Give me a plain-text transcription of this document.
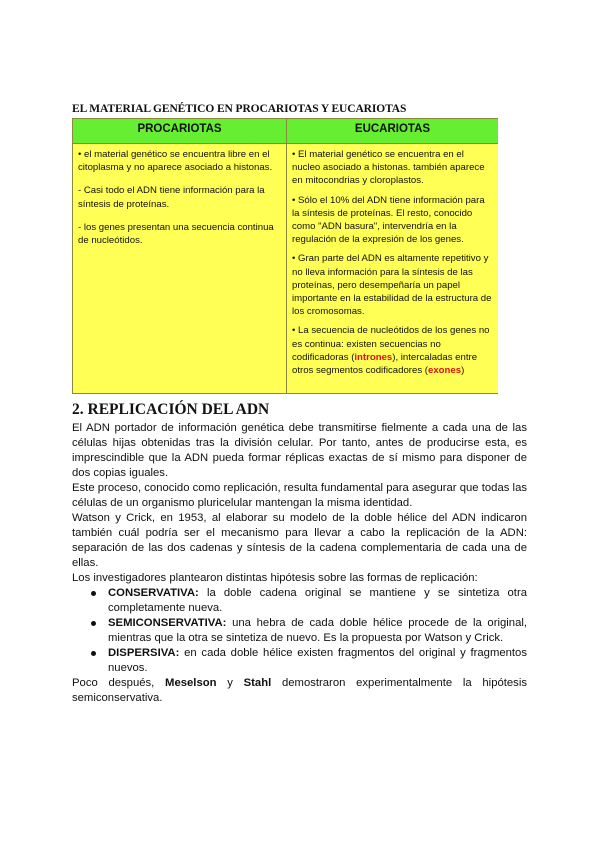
EL MATERIAL GENÉTICO EN PROCARIOTAS Y EUCARIOTAS
PROCARIOTAS
• el material genético se encuentra libre en el citoplasma y no aparece asociado a histonas.
- Casi todo el ADN tiene información para la síntesis de proteínas.
- los genes presentan una secuencia continua de nucleótidos.
EUCARIOTAS
• El material genético se encuentra en el nucleo asociado a histonas. también aparece en mitocondrias y cloroplastos.
• Sólo el 10% del ADN tiene información para la síntesis de proteínas. El resto, conocido como "ADN basura", intervendría en la regulación de la expresión de los genes.
• Gran parte del ADN es altamente repetitivo y no lleva información para la síntesis de las proteínas, pero desempeñaría un papel importante en la estabilidad de la estructura de los cromosomas.
• La secuencia de nucleótidos de los genes no es continua: existen secuencias no codificadoras (intrones), intercaladas entre otros segmentos codificadores (exones)
2. REPLICACIÓN DEL ADN

El ADN portador de información genética debe transmitirse fielmente a cada una de las células hijas obtenidas tras la división celular. Por tanto, antes de producirse esta, es imprescindible que la ADN pueda formar réplicas exactas de sí mismo para disponer de dos copias iguales.

Este proceso, conocido como replicación, resulta fundamental para asegurar que todas las células de un organismo pluricelular mantengan la misma identidad.

Watson y Crick, en 1953, al elaborar su modelo de la doble hélice del ADN indicaron también cuál podría ser el mecanismo para llevar a cabo la replicación de la ADN: separación de las dos cadenas y síntesis de la cadena complementaria de cada una de ellas.

Los investigadores plantearon distintas hipótesis sobre las formas de replicación:

CONSERVATIVA: la doble cadena original se mantiene y se sintetiza otra completamente nueva.
SEMICONSERVATIVA: una hebra de cada doble hélice procede de la original, mientras que la otra se sintetiza de nuevo. Es la propuesta por Watson y Crick.
DISPERSIVA: en cada doble hélice existen fragmentos del original y fragmentos nuevos.

Poco después, Meselson y Stahl demostraron experimentalmente la hipótesis semiconservativa.
